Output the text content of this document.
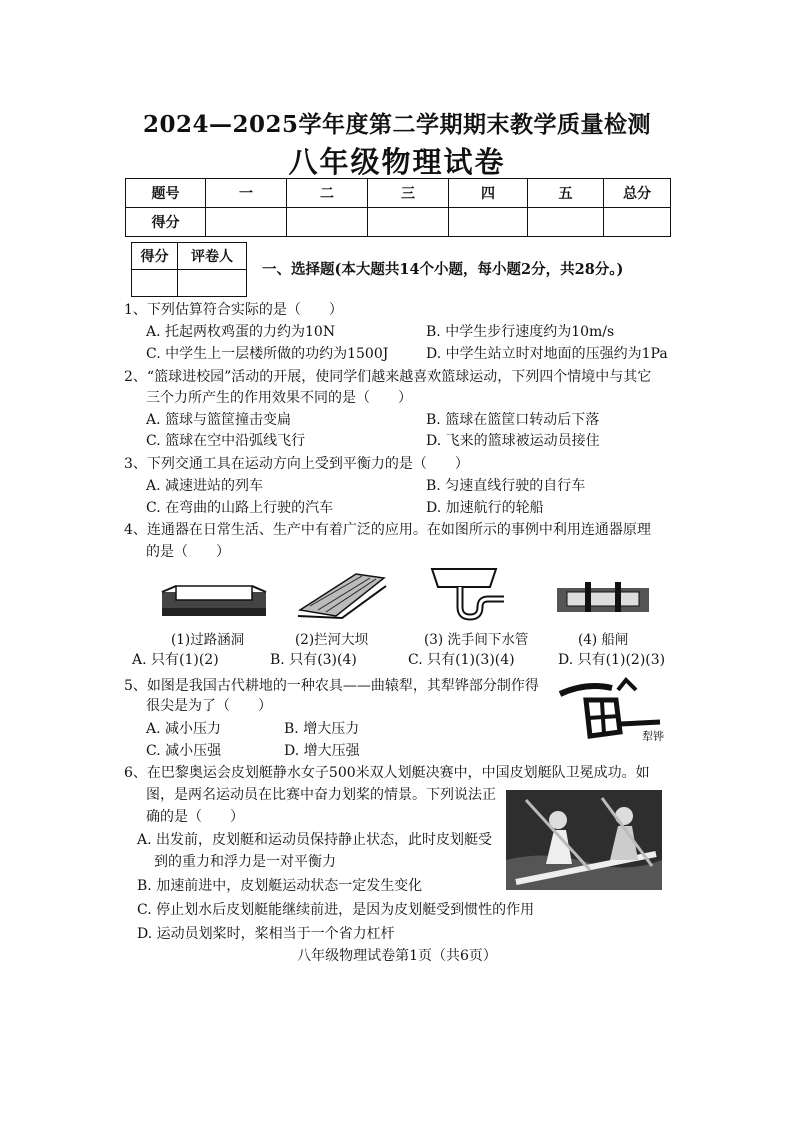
2024—2025学年度第二学期期末教学质量检测
八年级物理试卷
题号	一	二	三	四	五	总分
得分						
得分	评卷人

一、选择题(本大题共14个小题，每小题2分，共28分。)
1、下列估算符合实际的是（　　）
A. 托起两枚鸡蛋的力约为10N	B. 中学生步行速度约为10m/s
C. 中学生上一层楼所做的功约为1500J	D. 中学生站立时对地面的压强约为1Pa
2、“篮球进校园”活动的开展，使同学们越来越喜欢篮球运动，下列四个情境中与其它
三个力所产生的作用效果不同的是（　　）
A. 篮球与篮筐撞击变扁	B. 篮球在篮筐口转动后下落
C. 篮球在空中沿弧线飞行	D. 飞来的篮球被运动员接住
3、下列交通工具在运动方向上受到平衡力的是（　　）
A. 减速进站的列车	B. 匀速直线行驶的自行车
C. 在弯曲的山路上行驶的汽车	D. 加速航行的轮船
4、连通器在日常生活、生产中有着广泛的应用。在如图所示的事例中利用连通器原理
的是（　　）
(1)过路涵洞	(2)拦河大坝	(3) 洗手间下水管	(4) 船闸
A. 只有(1)(2)	B. 只有(3)(4)	C. 只有(1)(3)(4)	D. 只有(1)(2)(3)
5、如图是我国古代耕地的一种农具——曲辕犁，其犁铧部分制作得
很尖是为了（　　）
A. 减小压力	B. 增大压力
C. 减小压强	D. 增大压强
犁铧
6、在巴黎奥运会皮划艇静水女子500米双人划艇决赛中，中国皮划艇队卫冕成功。如
图，是两名运动员在比赛中奋力划桨的情景。下列说法正
确的是（　　）
A. 出发前，皮划艇和运动员保持静止状态，此时皮划艇受
到的重力和浮力是一对平衡力
B. 加速前进中，皮划艇运动状态一定发生变化
C. 停止划水后皮划艇能继续前进，是因为皮划艇受到惯性的作用
D. 运动员划桨时，桨相当于一个省力杠杆
八年级物理试卷第1页（共6页）
